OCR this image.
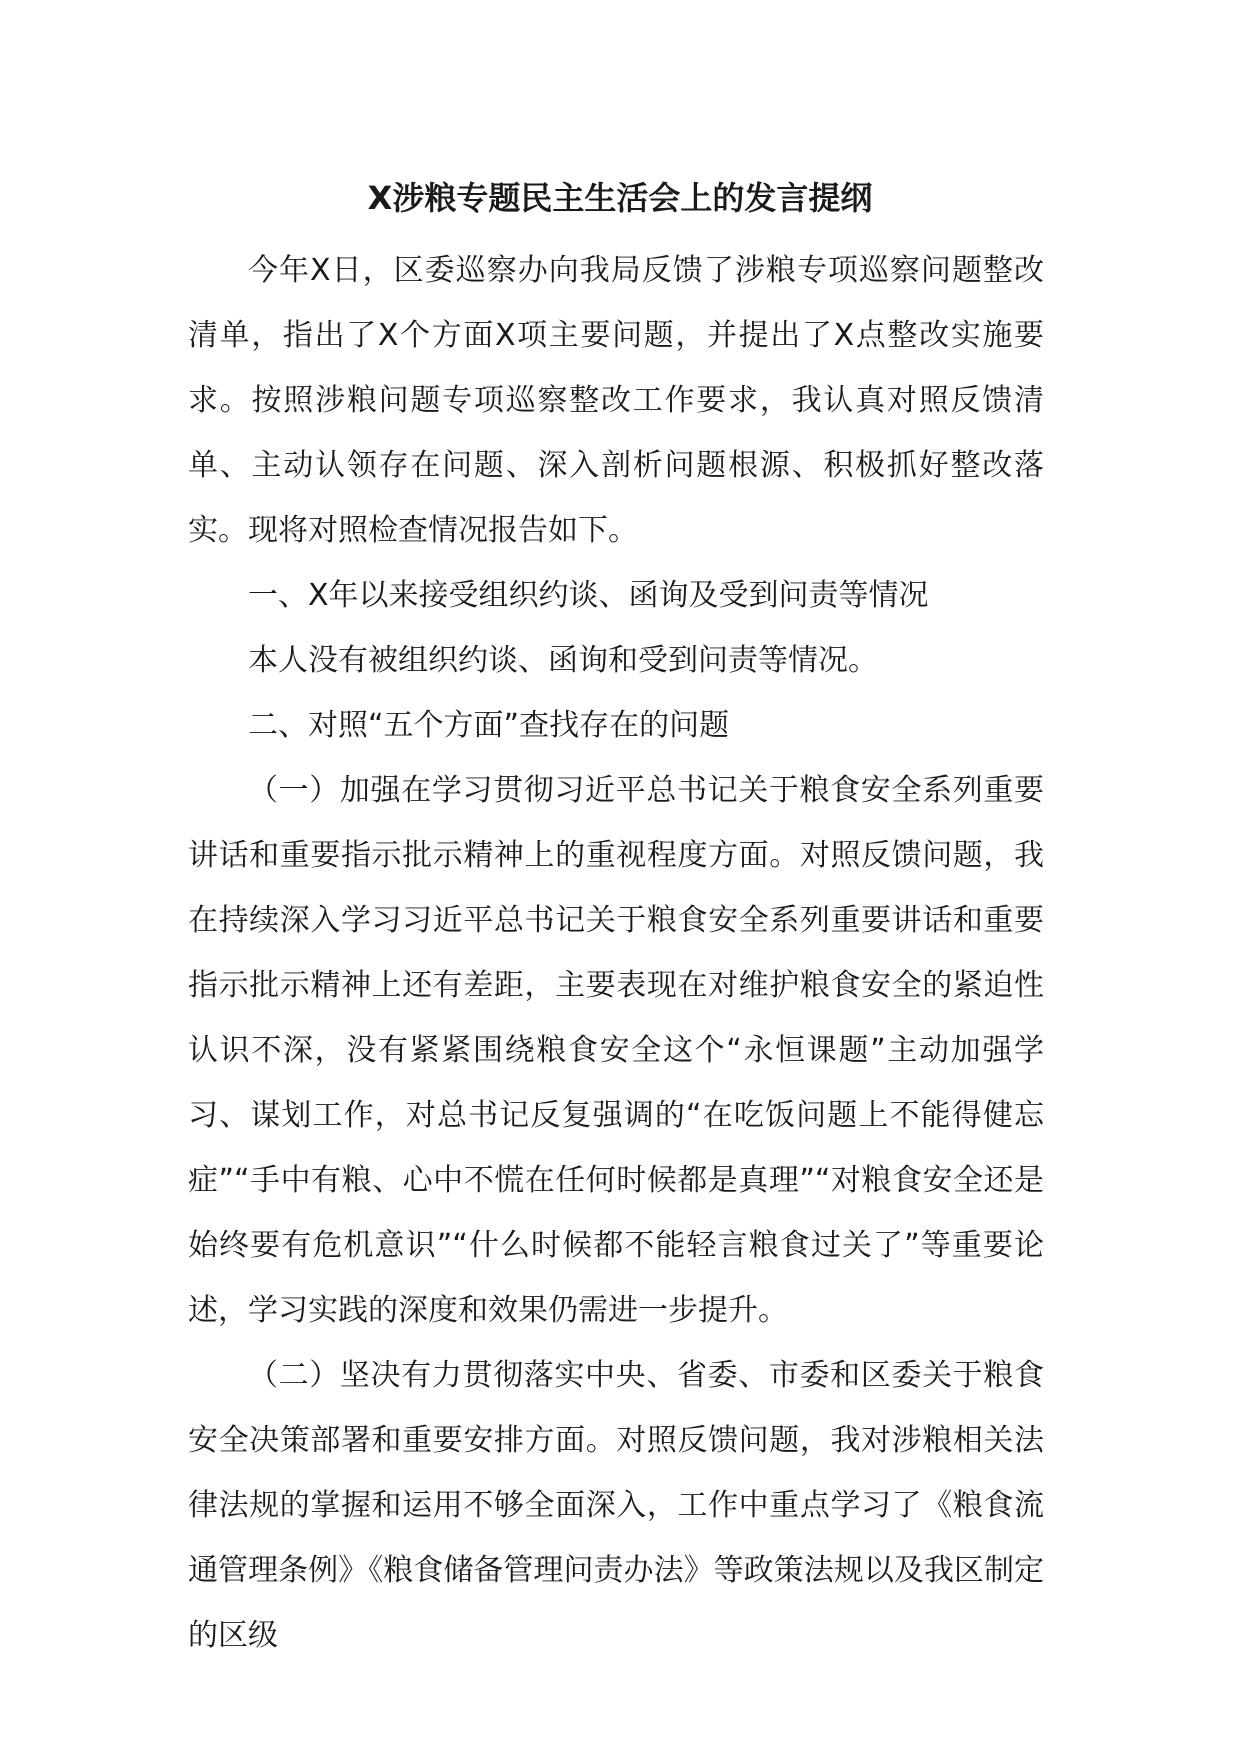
X涉粮专题民主生活会上的发言提纲

今年X日，区委巡察办向我局反馈了涉粮专项巡察问题整改清单，指出了X个方面X项主要问题，并提出了X点整改实施要求。按照涉粮问题专项巡察整改工作要求，我认真对照反馈清单、主动认领存在问题、深入剖析问题根源、积极抓好整改落实。现将对照检查情况报告如下。

一、X年以来接受组织约谈、函询及受到问责等情况

本人没有被组织约谈、函询和受到问责等情况。

二、对照“五个方面”查找存在的问题

（一）加强在学习贯彻习近平总书记关于粮食安全系列重要讲话和重要指示批示精神上的重视程度方面。对照反馈问题，我在持续深入学习习近平总书记关于粮食安全系列重要讲话和重要指示批示精神上还有差距，主要表现在对维护粮食安全的紧迫性认识不深，没有紧紧围绕粮食安全这个“永恒课题”主动加强学习、谋划工作，对总书记反复强调的“在吃饭问题上不能得健忘症”“手中有粮、心中不慌在任何时候都是真理”“对粮食安全还是始终要有危机意识”“什么时候都不能轻言粮食过关了”等重要论述，学习实践的深度和效果仍需进一步提升。

（二）坚决有力贯彻落实中央、省委、市委和区委关于粮食安全决策部署和重要安排方面。对照反馈问题，我对涉粮相关法律法规的掌握和运用不够全面深入，工作中重点学习了《粮食流通管理条例》《粮食储备管理问责办法》等政策法规以及我区制定的区级
